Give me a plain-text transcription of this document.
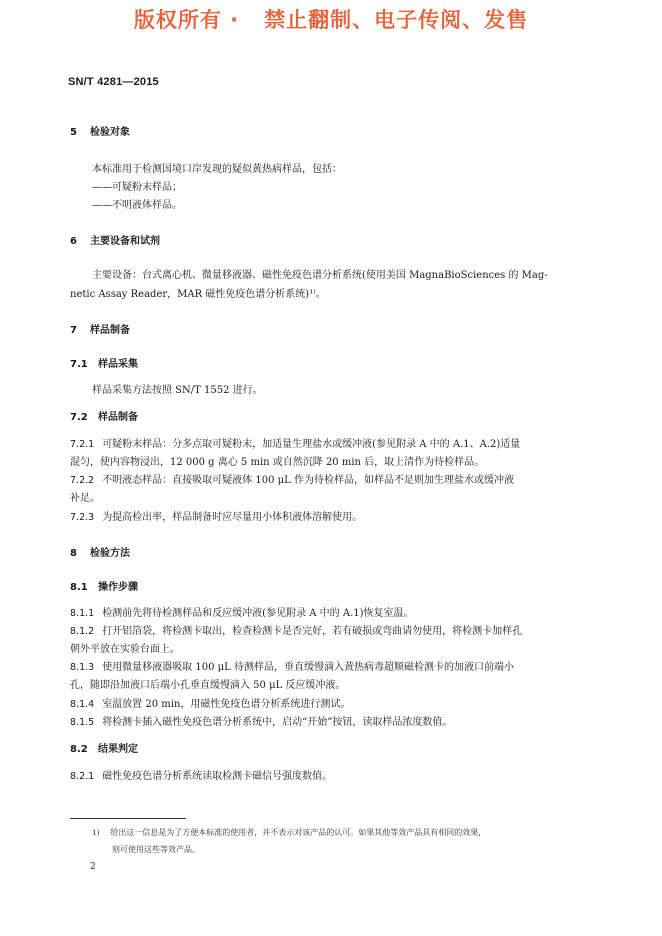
版权所有 ·   禁止翻制、电子传阅、发售
SN/T 4281—2015
5 检验对象
本标准用于检测国境口岸发现的疑似黄热病样品，包括：
——可疑粉末样品；
——不明液体样品。
6 主要设备和试剂
主要设备：台式离心机、微量移液器、磁性免疫色谱分析系统(使用美国 MagnaBioSciences 的 Mag-
netic Assay Reader，MAR 磁性免疫色谱分析系统)¹⁾。
7 样品制备
7.1 样品采集
样品采集方法按照 SN/T 1552 进行。
7.2 样品制备
7.2.1 可疑粉末样品：分多点取可疑粉末，加适量生理盐水或缓冲液(参见附录 A 中的 A.1、A.2)适量
混匀，使内容物浸出，12 000 g 离心 5 min 或自然沉降 20 min 后，取上清作为待检样品。
7.2.2 不明液态样品：直接吸取可疑液体 100 μL 作为待检样品，如样品不足则加生理盐水或缓冲液
补足。
7.2.3 为提高检出率，样品制备时应尽量用小体积液体溶解使用。
8 检验方法
8.1 操作步骤
8.1.1 检测前先将待检测样品和反应缓冲液(参见附录 A 中的 A.1)恢复室温。
8.1.2 打开铝箔袋，将检测卡取出，检查检测卡是否完好，若有破损或弯曲请勿使用，将检测卡加样孔
朝外平放在实验台面上。
8.1.3 使用微量移液器吸取 100 μL 待测样品，垂直缓慢滴入黄热病毒超顺磁检测卡的加液口前端小
孔，随即沿加液口后端小孔垂直缓慢滴入 50 μL 反应缓冲液。
8.1.4 室温放置 20 min，用磁性免疫色谱分析系统进行测试。
8.1.5 将检测卡插入磁性免疫色谱分析系统中，启动“开始”按钮，读取样品浓度数值。
8.2 结果判定
8.2.1 磁性免疫色谱分析系统读取检测卡磁信号强度数值。
1) 给出这一信息是为了方便本标准的使用者，并不表示对该产品的认可。如果其他等效产品具有相同的效果，
则可使用这些等效产品。
2
